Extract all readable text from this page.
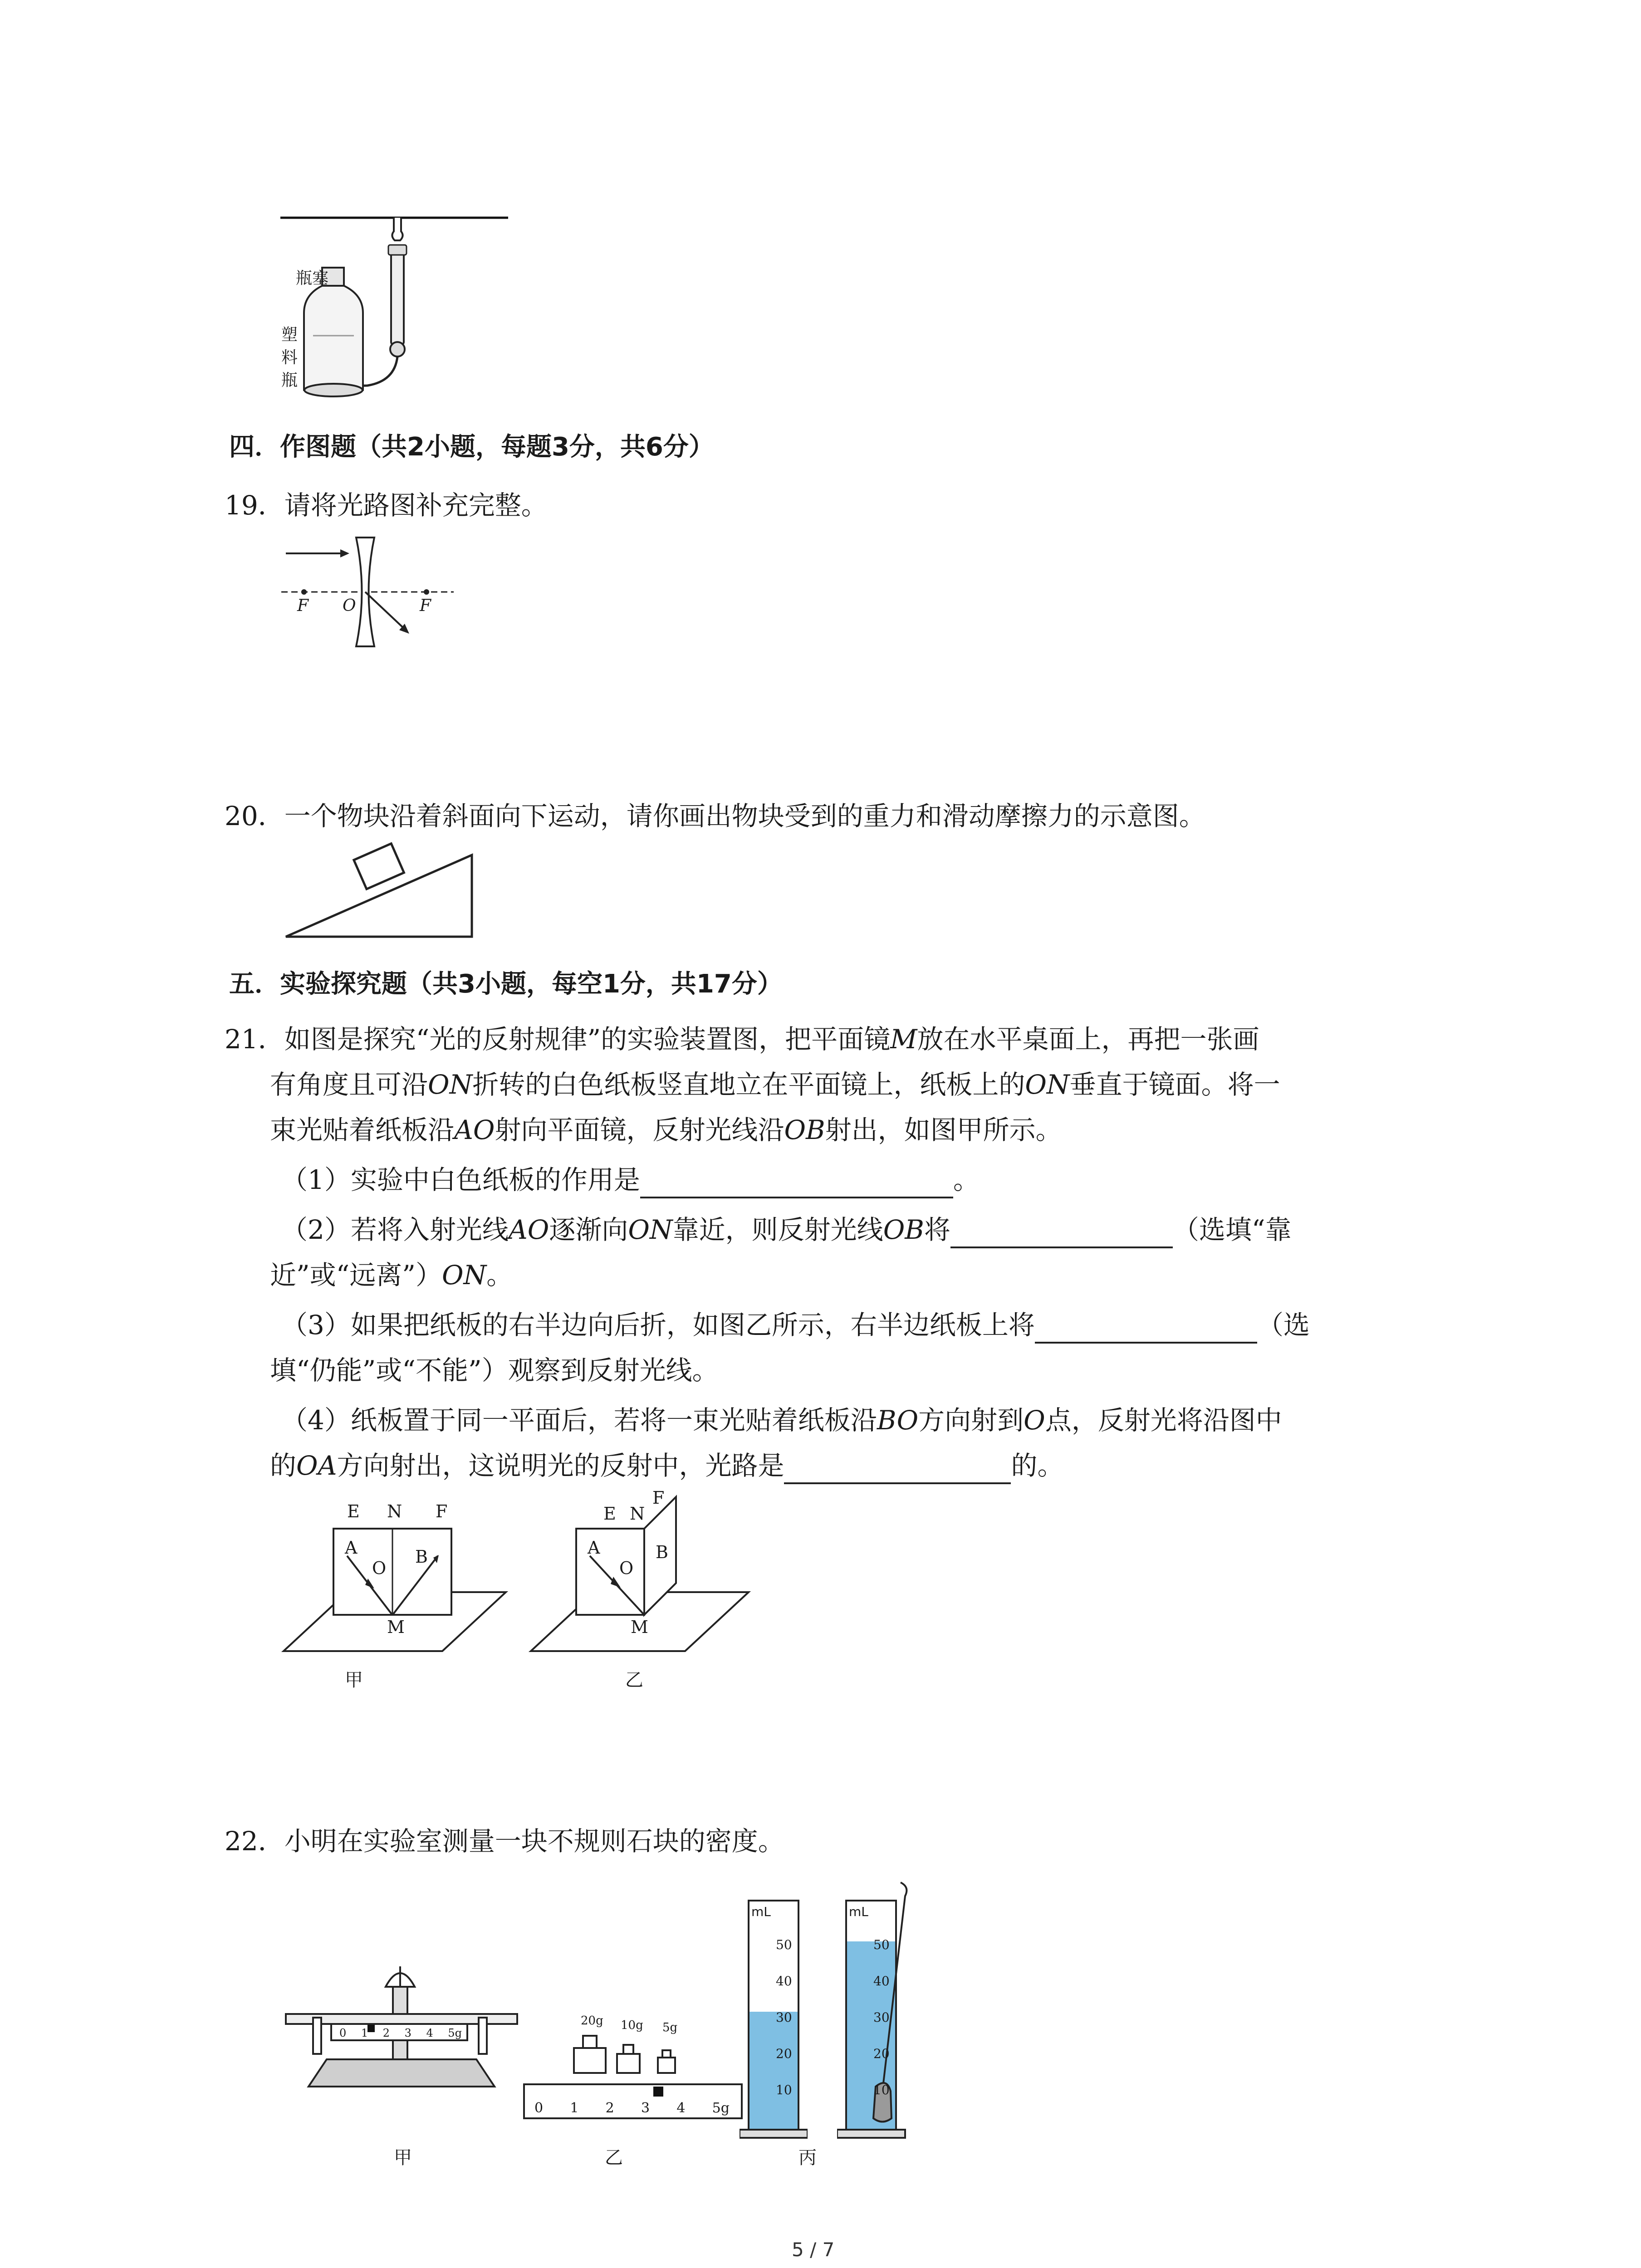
瓶塞
塑
料
瓶
四．作图题（共2小题，每题3分，共6分）
19．请将光路图补充完整。
F O	F
20．一个物块沿着斜面向下运动，请你画出物块受到的重力和滑动摩擦力的示意图。
五．实验探究题（共3小题，每空1分，共17分）
21．如图是探究“光的反射规律”的实验装置图，把平面镜M放在水平桌面上，再把一张画
有角度且可沿ON折转的白色纸板竖直地立在平面镜上，纸板上的ON垂直于镜面。将一
束光贴着纸板沿AO射向平面镜，反射光线沿OB射出，如图甲所示。
（1）实验中白色纸板的作用是	。
（2）若将入射光线AO逐渐向ON靠近，则反射光线OB将	（选填“靠
近”或“远离”）ON。
（3）如果把纸板的右半边向后折，如图乙所示，右半边纸板上将	（选
填“仍能”或“不能”）观察到反射光线。
（4）纸板置于同一平面后，若将一束光贴着纸板沿BO方向射到O点，反射光将沿图中
的OA方向射出，这说明光的反射中，光路是	的。
E N F
A
O
B
M
甲
E N
F
A
O
B
M
乙
22．小明在实验室测量一块不规则石块的密度。
0 1 2 3 4 5g
甲
20g 10g 5g
0 1 2 3 4 5g
乙
mL
50
40
30
20
10
mL
50
40
30
20
10
丙
5 / 7
